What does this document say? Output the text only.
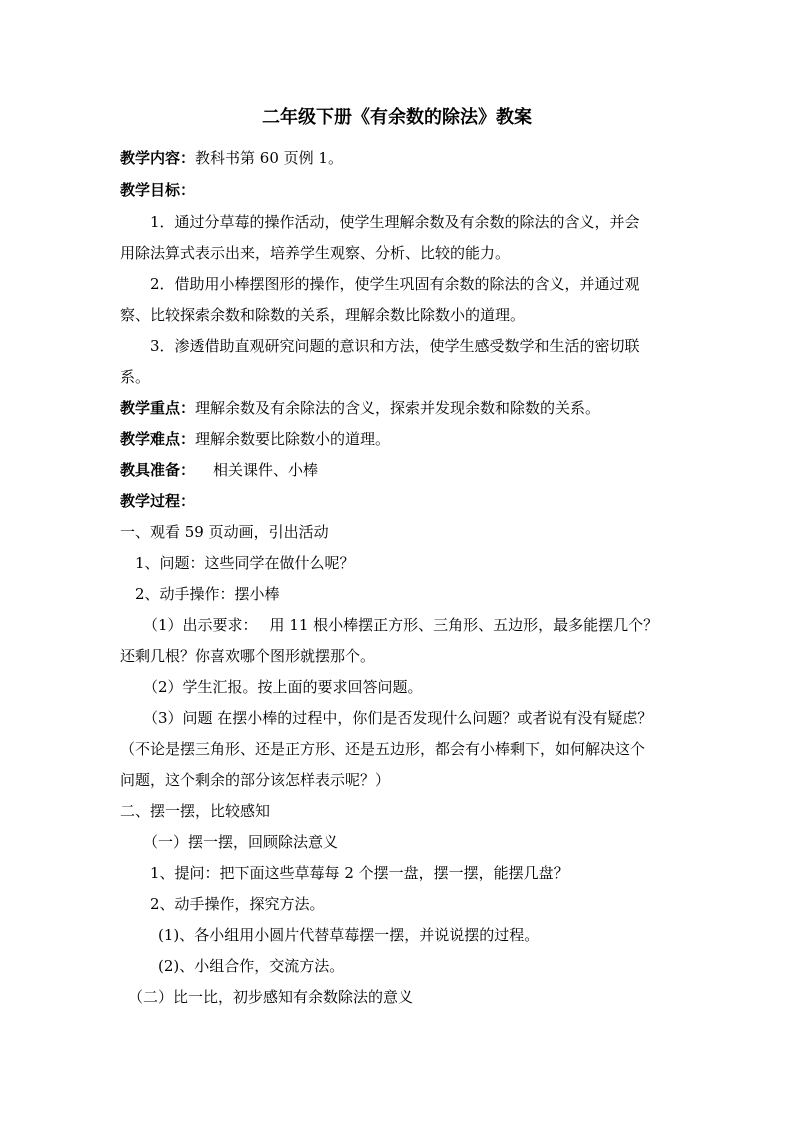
二年级下册《有余数的除法》教案
教学内容：教科书第 60 页例 1。
教学目标：
1．通过分草莓的操作活动，使学生理解余数及有余数的除法的含义，并会
用除法算式表示出来，培养学生观察、分析、比较的能力。
2．借助用小棒摆图形的操作，使学生巩固有余数的除法的含义，并通过观
察、比较探索余数和除数的关系，理解余数比除数小的道理。
3．渗透借助直观研究问题的意识和方法，使学生感受数学和生活的密切联
系。
教学重点：理解余数及有余除法的含义，探索并发现余数和除数的关系。
教学难点：理解余数要比除数小的道理。
教具准备： 相关课件、小棒
教学过程：
一、观看 59 页动画，引出活动
1、问题：这些同学在做什么呢？
2、动手操作：摆小棒
（1）出示要求： 用 11 根小棒摆正方形、三角形、五边形，最多能摆几个？
还剩几根？你喜欢哪个图形就摆那个。
（2）学生汇报。按上面的要求回答问题。
（3）问题 在摆小棒的过程中，你们是否发现什么问题？或者说有没有疑虑？
（不论是摆三角形、还是正方形、还是五边形，都会有小棒剩下，如何解决这个
问题，这个剩余的部分该怎样表示呢？）
二、摆一摆，比较感知
（一）摆一摆，回顾除法意义
1、提问：把下面这些草莓每 2 个摆一盘，摆一摆，能摆几盘？
2、动手操作，探究方法。
(1)、各小组用小圆片代替草莓摆一摆，并说说摆的过程。
(2)、小组合作，交流方法。
（二）比一比，初步感知有余数除法的意义
